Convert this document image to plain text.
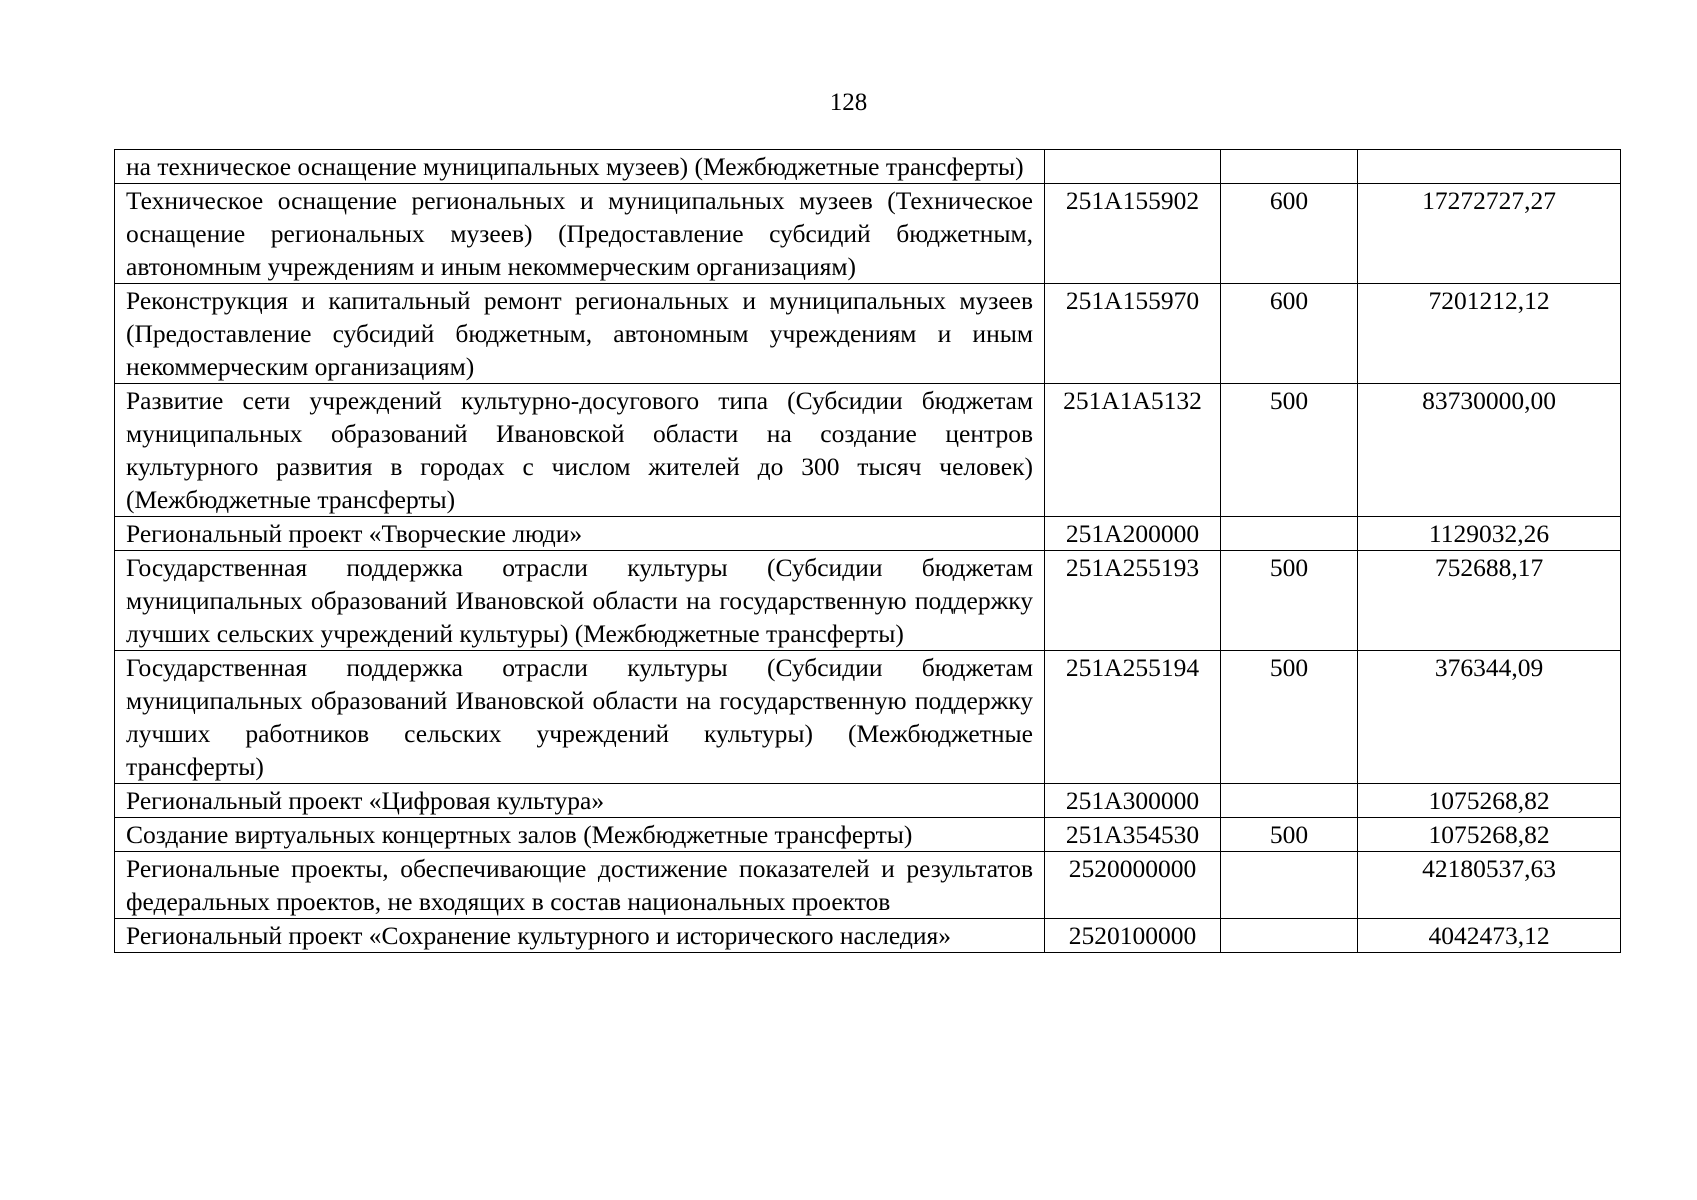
128
на техническое оснащение муниципальных музеев) (Межбюджетные трансферты)			
Техническое оснащение региональных и муниципальных музеев (Техническое оснащение региональных музеев) (Предоставление субсидий бюджетным, автономным учреждениям и иным некоммерческим организациям)	251A155902	600	17272727,27
Реконструкция и капитальный ремонт региональных и муниципальных музеев (Предоставление субсидий бюджетным, автономным учреждениям и иным некоммерческим организациям)	251A155970	600	7201212,12
Развитие сети учреждений культурно-досугового типа (Субсидии бюджетам муниципальных образований Ивановской области на создание центров культурного развития в городах с числом жителей до 300 тысяч человек) (Межбюджетные трансферты)	251A1A5132	500	83730000,00
Региональный проект «Творческие люди»	251A200000		1129032,26
Государственная поддержка отрасли культуры (Субсидии бюджетам муниципальных образований Ивановской области на государственную поддержку лучших сельских учреждений культуры) (Межбюджетные трансферты)	251A255193	500	752688,17
Государственная поддержка отрасли культуры (Субсидии бюджетам муниципальных образований Ивановской области на государственную поддержку лучших работников сельских учреждений культуры) (Межбюджетные трансферты)	251A255194	500	376344,09
Региональный проект «Цифровая культура»	251A300000		1075268,82
Создание виртуальных концертных залов (Межбюджетные трансферты)	251A354530	500	1075268,82
Региональные проекты, обеспечивающие достижение показателей и результатов федеральных проектов, не входящих в состав национальных проектов	2520000000		42180537,63
Региональный проект «Сохранение культурного и исторического наследия»	2520100000		4042473,12
